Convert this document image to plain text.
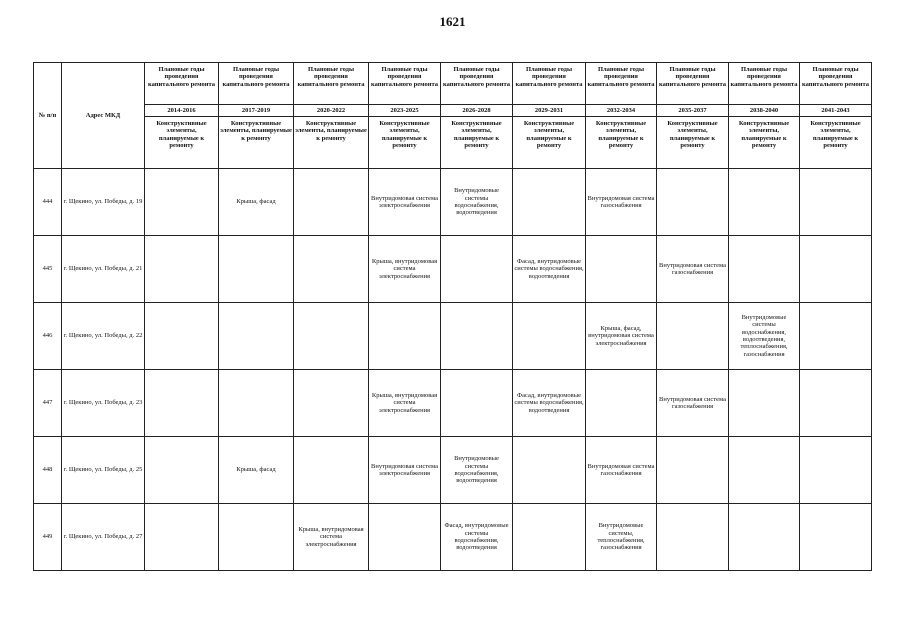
1621
№ п/п	Адрес МКД	Плановые годы проведения капитального ремонта	Плановые годы проведения капитального ремонта	Плановые годы проведения капитального ремонта	Плановые годы проведения капитального ремонта	Плановые годы проведения капитального ремонта	Плановые годы проведения капитального ремонта	Плановые годы проведения капитального ремонта	Плановые годы проведения капитального ремонта	Плановые годы проведения капитального ремонта	Плановые годы проведения капитального ремонта
		2014-2016	2017-2019	2020-2022	2023-2025	2026-2028	2029-2031	2032-2034	2035-2037	2038-2040	2041-2043
		Конструктивные элементы, планируемые к ремонту	Конструктивные элементы, планируемые к ремонту	Конструктивные элементы, планируемые к ремонту	Конструктивные элементы, планируемые к ремонту	Конструктивные элементы, планируемые к ремонту	Конструктивные элементы, планируемые к ремонту	Конструктивные элементы, планируемые к ремонту	Конструктивные элементы, планируемые к ремонту	Конструктивные элементы, планируемые к ремонту	Конструктивные элементы, планируемые к ремонту
444	г. Щекино, ул. Победы, д. 19		Крыша, фасад		Внутридомовая система электроснабжения	Внутридомовые системы водоснабжения, водоотведения		Внутридомовая система газоснабжения			
445	г. Щекино, ул. Победы, д. 21				Крыша, внутридомовая система электроснабжения		Фасад, внутридомовые системы водоснабжения, водоотведения		Внутридомовая система газоснабжения		
446	г. Щекино, ул. Победы, д. 22							Крыша, фасад, внутридомовая система электроснабжения		Внутридомовые системы водоснабжения, водоотведения, теплоснабжения, газоснабжения	
447	г. Щекино, ул. Победы, д. 23				Крыша, внутридомовая система электроснабжения		Фасад, внутридомовые системы водоснабжения, водоотведения		Внутридомовая система газоснабжения		
448	г. Щекино, ул. Победы, д. 25		Крыша, фасад		Внутридомовая система электроснабжения	Внутридомовые системы водоснабжения, водоотведения		Внутридомовая система газоснабжения			
449	г. Щекино, ул. Победы, д. 27			Крыша, внутридомовая система электроснабжения		Фасад, внутридомовые системы водоснабжения, водоотведения		Внутридомовые системы, теплоснабжения, газоснабжения			
